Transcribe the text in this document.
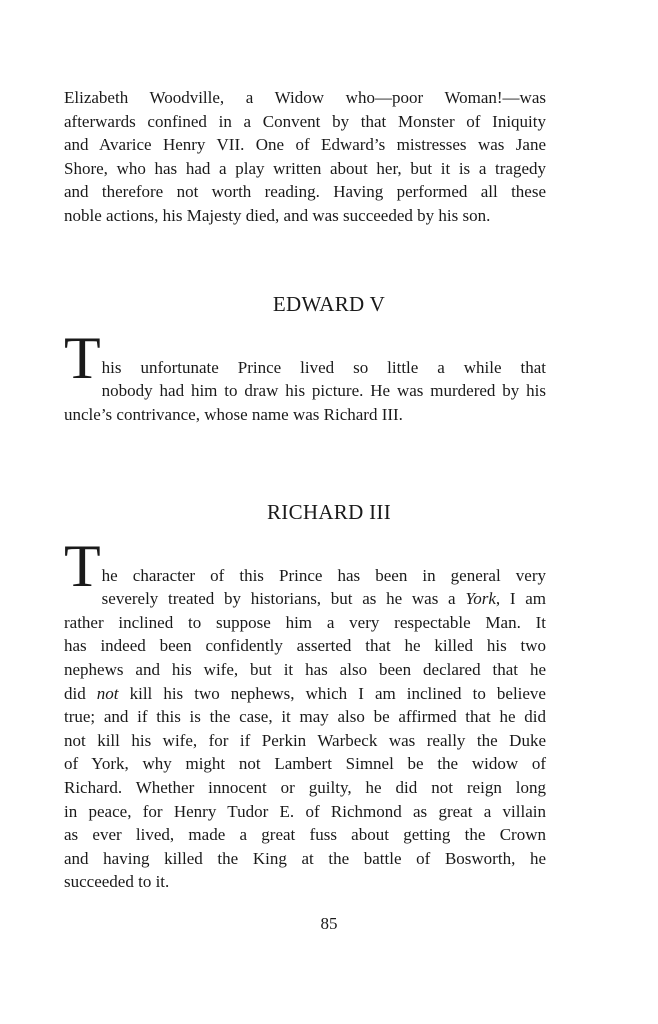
Elizabeth Woodville, a Widow who—poor Woman!—was
afterwards confined in a Convent by that Monster of Iniquity
and Avarice Henry VII. One of Edward’s mistresses was Jane
Shore, who has had a play written about her, but it is a tragedy
and therefore not worth reading. Having performed all these
noble actions, his Majesty died, and was succeeded by his son.
EDWARD V
T his unfortunate Prince lived so little a while that
nobody had him to draw his picture. He was murdered by his
uncle’s contrivance, whose name was Richard III.
RICHARD III
T he character of this Prince has been in general very
severely treated by historians, but as he was a York, I am
rather inclined to suppose him a very respectable Man. It
has indeed been confidently asserted that he killed his two
nephews and his wife, but it has also been declared that he
did not kill his two nephews, which I am inclined to believe
true; and if this is the case, it may also be affirmed that he did
not kill his wife, for if Perkin Warbeck was really the Duke
of York, why might not Lambert Simnel be the widow of
Richard. Whether innocent or guilty, he did not reign long
in peace, for Henry Tudor E. of Richmond as great a villain
as ever lived, made a great fuss about getting the Crown
and having killed the King at the battle of Bosworth, he
succeeded to it.
85
